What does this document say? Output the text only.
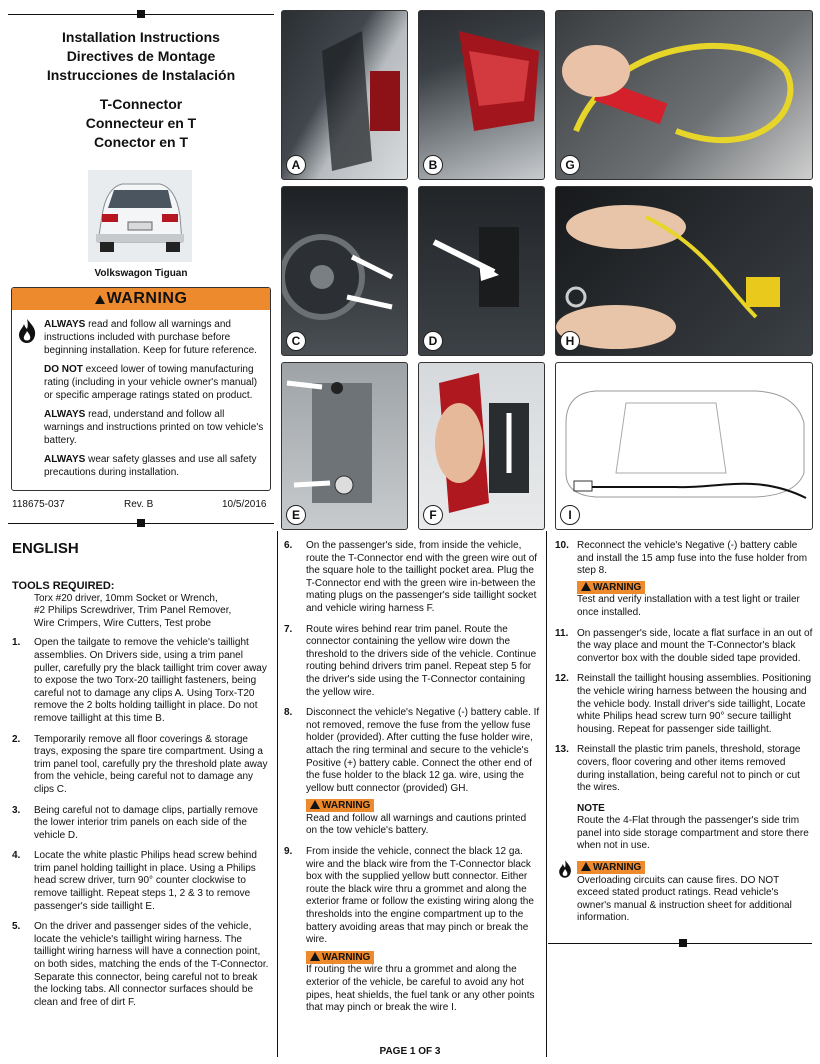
Installation Instructions
Directives de Montage
Instrucciones de Instalación
T-Connector
Connecteur en T
Conector en T
Volkswagon Tiguan
WARNING

ALWAYS read and follow all warnings and instructions included with purchase before beginning installation. Keep for future reference.

DO NOT exceed lower of towing manufacturing rating (including in your vehicle owner's manual) or specific amperage ratings stated on product.

ALWAYS read, understand and follow all warnings and instructions printed on tow vehicle's battery.

ALWAYS wear safety glasses and use all safety precautions during installation.

118675-037	Rev. B	10/5/2016
A	B	G
C	D	H
E	F	I
ENGLISH
TOOLS REQUIRED:
Torx #20 driver, 10mm Socket or Wrench,
#2 Philips Screwdriver, Trim Panel Remover,
Wire Crimpers, Wire Cutters, Test probe
1. Open the tailgate to remove the vehicle's taillight assemblies. On Drivers side, using a trim panel puller, carefully pry the black taillight trim cover away to expose the two Torx-20 taillight fasteners, being careful not to damage any clips A. Using Torx-T20 remove the 2 bolts holding taillight in place. Do not remove taillight at this time B.
2. Temporarily remove all floor coverings & storage trays, exposing the spare tire compartment. Using a trim panel tool, carefully pry the threshold plate away from the vehicle, being careful not to damage any clips C.
3. Being careful not to damage clips, partially remove the lower interior trim panels on each side of the vehicle D.
4. Locate the white plastic Philips head screw behind trim panel holding taillight in place. Using a Philips head screw driver, turn 90° counter clockwise to remove taillight. Repeat steps 1, 2 & 3 to remove passenger's side taillight E.
5. On the driver and passenger sides of the vehicle, locate the vehicle's taillight wiring harness. The taillight wiring harness will have a connection point, on both sides, matching the ends of the T-Connector. Separate this connector, being careful not to break the locking tabs. All connector surfaces should be clean and free of dirt F.
6. On the passenger's side, from inside the vehicle, route the T-Connector end with the green wire out of the square hole to the taillight pocket area. Plug the T-Connector end with the green wire in-between the mating plugs on the passenger's side taillight socket and vehicle wiring harness F.
7. Route wires behind rear trim panel. Route the connector containing the yellow wire down the threshold to the drivers side of the vehicle. Continue routing behind drivers trim panel. Repeat step 5 for the driver's side using the T-Connector containing the yellow wire.
8. Disconnect the vehicle's Negative (-) battery cable. If not removed, remove the fuse from the yellow fuse holder (provided). After cutting the fuse holder wire, attach the ring terminal and secure to the vehicle's Positive (+) battery cable. Connect the other end of the fuse holder to the black 12 ga. wire, using the yellow butt connector (provided) GH.
WARNING
Read and follow all warnings and cautions printed on the tow vehicle's battery.
9. From inside the vehicle, connect the black 12 ga. wire and the black wire from the T-Connector black box with the supplied yellow butt connector. Either route the black wire thru a grommet and along the exterior frame or follow the existing wiring along the thresholds into the engine compartment up to the battery avoiding areas that may pinch or break the wire.
WARNING
If routing the wire thru a grommet and along the exterior of the vehicle, be careful to avoid any hot pipes, heat shields, the fuel tank or any other points that may pinch or break the wire I.
10. Reconnect the vehicle's Negative (-) battery cable and install the 15 amp fuse into the fuse holder from step 8.
WARNING
Test and verify installation with a test light or trailer once installed.
11. On passenger's side, locate a flat surface in an out of the way place and mount the T-Connector's black convertor box with the double sided tape provided.
12. Reinstall the taillight housing assemblies. Positioning the vehicle wiring harness between the housing and the vehicle body. Install driver's side taillight, Locate white Philips head screw turn 90° secure taillight housing. Repeat for passenger side taillight.
13. Reinstall the plastic trim panels, threshold, storage covers, floor covering and other items removed during installation, being careful not to pinch or cut the wires.
NOTE
Route the 4-Flat through the passenger's side trim panel into side storage compartment and store there when not in use.
WARNING
Overloading circuits can cause fires. DO NOT exceed stated product ratings. Read vehicle's owner's manual & instruction sheet for additional information.
PAGE 1 OF 3
